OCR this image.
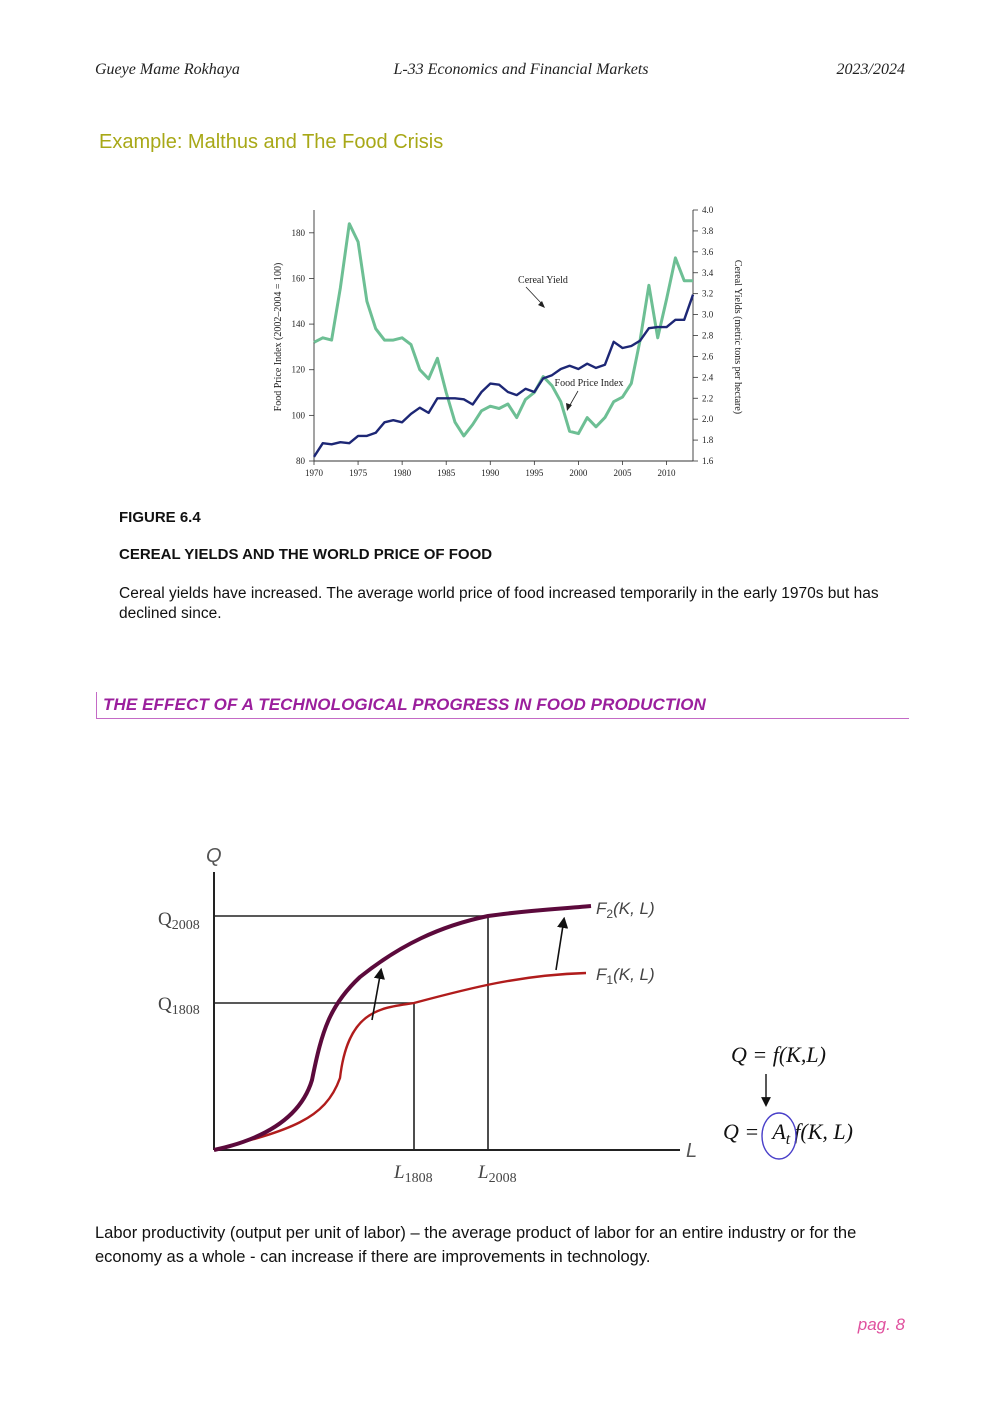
Gueye Mame Rokhaya	L-33 Economics and Financial Markets	2023/2024
Example: Malthus and The Food Crisis
1970	1975	1980	1985	1990	1995	2000	2005	2010
80
100
120
140
160
180
1.6
1.8
2.0
2.2
2.4
2.6
2.8
3.0
3.2
3.4
3.6
3.8
4.0
Food Price Index (2002–2004 = 100)	Cereal Yields (metric tons per hectare)
Cereal Yield
Food Price Index
FIGURE 6.4
CEREAL YIELDS AND THE WORLD PRICE OF FOOD
Cereal yields have increased. The average world price of food increased temporarily in the early 1970s but has declined since.
THE EFFECT OF A TECHNOLOGICAL PROGRESS IN FOOD PRODUCTION
Q
L
$Q_{2008}$
$Q_{1808}$
$L_{1808}$ $L_{2008}$
$F_2(K$, L)
$F_1(K$, L)
Q = f(K,L)
$Q = A_t$ f(K, L)
Labor productivity (output per unit of labor) – the average product of labor for an entire industry or for the economy as a whole - can increase if there are improvements in technology.
pag. 8
